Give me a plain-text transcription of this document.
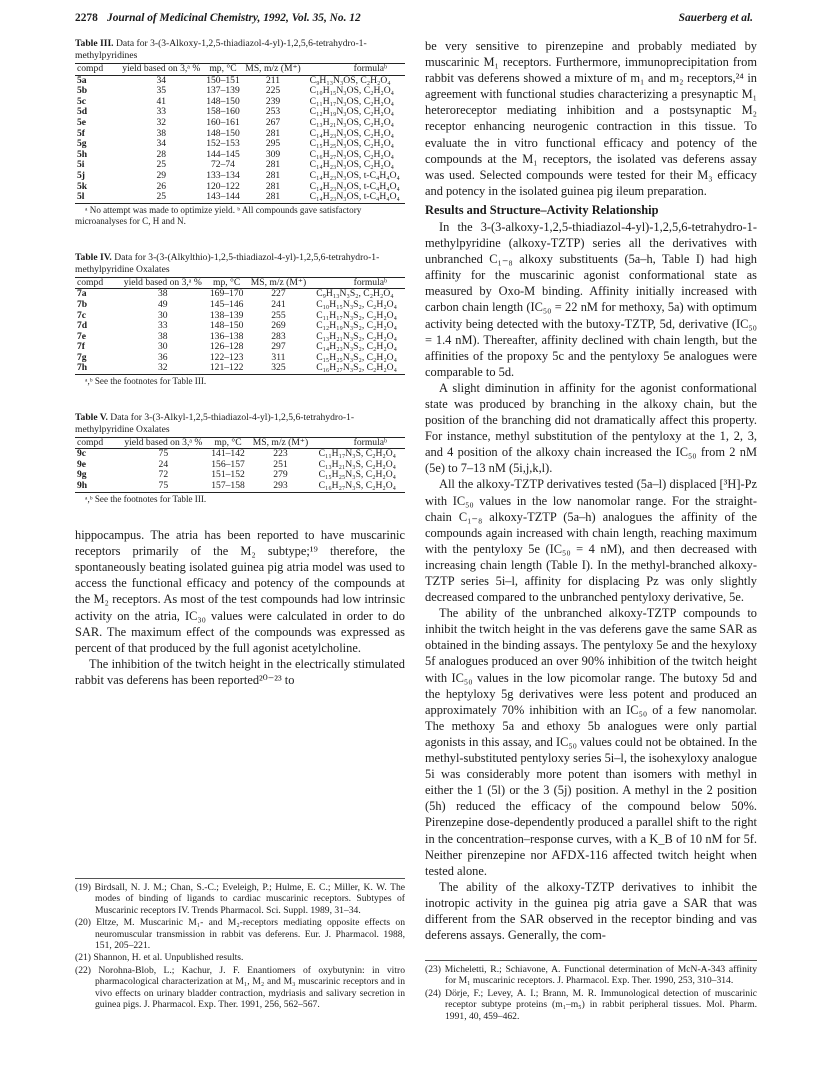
2278 Journal of Medicinal Chemistry, 1992, Vol. 35, No. 12	Sauerberg et al.

Table III. Data for 3-(3-Alkoxy-1,2,5-thiadiazol-4-yl)-1,2,5,6-tetrahydro-1-methylpyridines

compd	yield based on 3,ᵃ %	mp, °C	MS, m/z (M⁺)	formulaᵇ
5a	34	150–151	211	C₉H₁₃N₃OS, C₂H₂O₄
5b	35	137–139	225	C₁₀H₁₅N₃OS, C₂H₂O₄
5c	41	148–150	239	C₁₁H₁₇N₃OS, C₂H₂O₄
5d	33	158–160	253	C₁₂H₁₉N₃OS, C₂H₂O₄
5e	32	160–161	267	C₁₃H₂₁N₃OS, C₂H₂O₄
5f	38	148–150	281	C₁₄H₂₃N₃OS, C₂H₂O₄
5g	34	152–153	295	C₁₅H₂₅N₃OS, C₂H₂O₄
5h	28	144–145	309	C₁₆H₂₇N₃OS, C₂H₂O₄
5i	25	72–74	281	C₁₄H₂₃N₃OS, C₂H₂O₄
5j	29	133–134	281	C₁₄H₂₃N₃OS, t-C₄H₄O₄
5k	26	120–122	281	C₁₄H₂₃N₃OS, t-C₄H₄O₄
5l	25	143–144	281	C₁₄H₂₃N₃OS, t-C₄H₄O₄

ᵃ No attempt was made to optimize yield. ᵇ All compounds gave satisfactory microanalyses for C, H and N.

Table IV. Data for 3-(3-(Alkylthio)-1,2,5-thiadiazol-4-yl)-1,2,5,6-tetrahydro-1-methylpyridine Oxalates

compd	yield based on 3,ᵃ %	mp, °C	MS, m/z (M⁺)	formulaᵇ
7a	38	169–170	227	C₉H₁₃N₃S₂, C₂H₂O₄
7b	49	145–146	241	C₁₀H₁₅N₃S₂, C₂H₂O₄
7c	30	138–139	255	C₁₁H₁₇N₃S₂, C₂H₂O₄
7d	33	148–150	269	C₁₂H₁₉N₃S₂, C₂H₂O₄
7e	38	136–138	283	C₁₃H₂₁N₃S₂, C₂H₂O₄
7f	30	126–128	297	C₁₄H₂₃N₃S₂, C₂H₂O₄
7g	36	122–123	311	C₁₅H₂₅N₃S₂, C₂H₂O₄
7h	32	121–122	325	C₁₆H₂₇N₃S₂, C₂H₂O₄

ᵃ,ᵇ See the footnotes for Table III.

Table V. Data for 3-(3-Alkyl-1,2,5-thiadiazol-4-yl)-1,2,5,6-tetrahydro-1-methylpyridine Oxalates

compd	yield based on 3,ᵃ %	mp, °C	MS, m/z (M⁺)	formulaᵇ
9c	75	141–142	223	C₁₁H₁₇N₃S, C₂H₂O₄
9e	24	156–157	251	C₁₃H₂₁N₃S, C₂H₂O₄
9g	72	151–152	279	C₁₅H₂₅N₃S, C₂H₂O₄
9h	75	157–158	293	C₁₆H₂₇N₃S, C₂H₂O₄

ᵃ,ᵇ See the footnotes for Table III.

hippocampus. The atria has been reported to have muscarinic receptors primarily of the M₂ subtype;¹⁹ therefore, the spontaneously beating isolated guinea pig atria model was used to access the functional efficacy and potency of the compounds at the M₂ receptors. As most of the test compounds had low intrinsic activity on the atria, IC₃₀ values were calculated in order to do SAR. The maximum effect of the compounds was expressed as percent of that produced by the full agonist acetylcholine.

The inhibition of the twitch height in the electrically stimulated rabbit vas deferens has been reported²⁰⁻²³ to

(19) Birdsall, N. J. M.; Chan, S.-C.; Eveleigh, P.; Hulme, E. C.; Miller, K. W. The modes of binding of ligands to cardiac muscarinic receptors. Subtypes of Muscarinic receptors IV. Trends Pharmacol. Sci. Suppl. 1989, 31–34.

(20) Eltze, M. Muscarinic M₁- and M₂-receptors mediating opposite effects on neuromuscular transmission in rabbit vas deferens. Eur. J. Pharmacol. 1988, 151, 205–221.

(21) Shannon, H. et al. Unpublished results.

(22) Norohna-Blob, L.; Kachur, J. F. Enantiomers of oxybutynin: in vitro pharmacological characterization at M₁, M₂ and M₃ muscarinic receptors and in vivo effects on urinary bladder contraction, mydriasis and salivary secretion in guinea pigs. J. Pharmacol. Exp. Ther. 1991, 256, 562–567.

be very sensitive to pirenzepine and probably mediated by muscarinic M₁ receptors. Furthermore, immunoprecipitation from rabbit vas deferens showed a mixture of m₁ and m₂ receptors,²⁴ in agreement with functional studies characterizing a presynaptic M₁ heteroreceptor mediating inhibition and a postsynaptic M₂ receptor enhancing neurogenic contraction in this tissue. To evaluate the in vitro functional efficacy and potency of the compounds at the M₁ receptors, the isolated vas deferens assay was used. Selected compounds were tested for their M₃ efficacy and potency in the isolated guinea pig ileum preparation.

Results and Structure–Activity Relationship

In the 3-(3-alkoxy-1,2,5-thiadiazol-4-yl)-1,2,5,6-tetrahydro-1-methylpyridine (alkoxy-TZTP) series all the derivatives with unbranched C₁₋₈ alkoxy substituents (5a–h, Table I) had high affinity for the muscarinic agonist conformational state as measured by Oxo-M binding. Affinity initially increased with carbon chain length (IC₅₀ = 22 nM for methoxy, 5a) with optimum activity being detected with the butoxy-TZTP, 5d, derivative (IC₅₀ = 1.4 nM). Thereafter, affinity declined with chain length, but the affinities of the propoxy 5c and the pentyloxy 5e analogues were comparable to 5d.

A slight diminution in affinity for the agonist conformational state was produced by branching in the alkoxy chain, but the position of the branching did not dramatically affect this property. For instance, methyl substitution of the pentyloxy at the 1, 2, 3, and 4 position of the alkoxy chain increased the IC₅₀ from 2 nM (5e) to 7–13 nM (5i,j,k,l).

All the alkoxy-TZTP derivatives tested (5a–l) displaced [³H]-Pz with IC₅₀ values in the low nanomolar range. For the straight-chain C₁₋₈ alkoxy-TZTP (5a–h) analogues the affinity of the compounds again increased with chain length, reaching maximum with the pentyloxy 5e (IC₅₀ = 4 nM), and then decreased with increasing chain length (Table I). In the methyl-branched alkoxy-TZTP series 5i–l, affinity for displacing Pz was only slightly decreased compared to the unbranched pentyloxy derivative, 5e.

The ability of the unbranched alkoxy-TZTP compounds to inhibit the twitch height in the vas deferens gave the same SAR as obtained in the binding assays. The pentyloxy 5e and the hexyloxy 5f analogues produced an over 90% inhibition of the twitch height with IC₅₀ values in the low picomolar range. The butoxy 5d and the heptyloxy 5g derivatives were less potent and produced an approximately 70% inhibition with an IC₅₀ of a few nanomolar. The methoxy 5a and ethoxy 5b analogues were only partial agonists in this assay, and IC₅₀ values could not be obtained. In the methyl-substituted pentyloxy series 5i–l, the isohexyloxy analogue 5i was considerably more potent than isomers with methyl in either the 1 (5l) or the 3 (5j) position. A methyl in the 2 position (5h) reduced the efficacy of the compound below 50%. Pirenzepine dose-dependently produced a parallel shift to the right in the concentration–response curves, with a K_B of 10 nM for 5f. Neither pirenzepine nor AFDX-116 affected twitch height when tested alone.

The ability of the alkoxy-TZTP derivatives to inhibit the inotropic activity in the guinea pig atria gave a SAR that was different from the SAR observed in the receptor binding and vas deferens assays. Generally, the com-

(23) Micheletti, R.; Schiavone, A. Functional determination of McN-A-343 affinity for M₁ muscarinic receptors. J. Pharmacol. Exp. Ther. 1990, 253, 310–314.

(24) Dörje, F.; Levey, A. I.; Brann, M. R. Immunological detection of muscarinic receptor subtype proteins (m₁–m₅) in rabbit peripheral tissues. Mol. Pharm. 1991, 40, 459–462.
